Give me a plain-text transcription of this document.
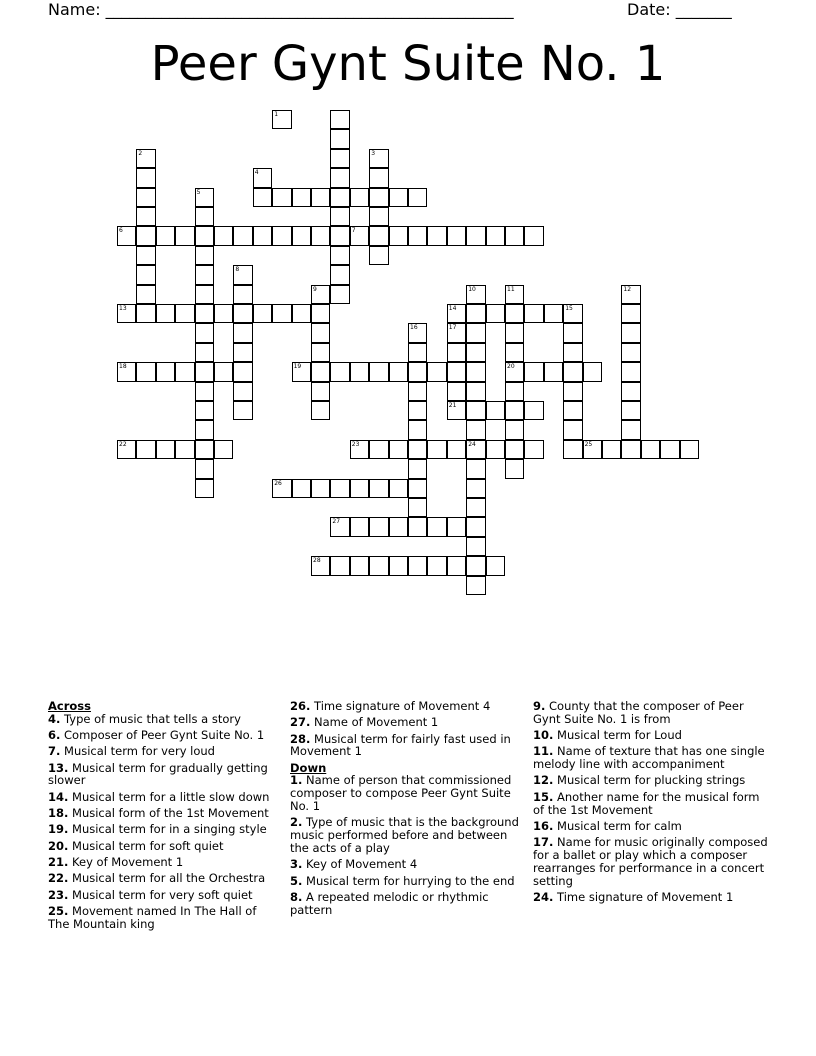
Name: ___________________________________________________	Date: _______
Peer Gynt Suite No. 1
2	3
5
6	7
8
9	10
24
11
20
12
13	14
16	17
21
15
18	19
22	23	25
26
27
28
1
4
Across
4. Type of music that tells a story
6. Composer of Peer Gynt Suite No. 1
7. Musical term for very loud
13. Musical term for gradually getting slower
14. Musical term for a little slow down
18. Musical form of the 1st Movement
19. Musical term for in a singing style
20. Musical term for soft quiet
21. Key of Movement 1
22. Musical term for all the Orchestra
23. Musical term for very soft quiet
25. Movement named In The Hall of The Mountain king
26. Time signature of Movement 4
27. Name of Movement 1
28. Musical term for fairly fast used in Movement 1
Down
1. Name of person that commissioned composer to compose Peer Gynt Suite No. 1
2. Type of music that is the background music performed before and between the acts of a play
3. Key of Movement 4
5. Musical term for hurrying to the end
8. A repeated melodic or rhythmic pattern
9. County that the composer of Peer Gynt Suite No. 1 is from
10. Musical term for Loud
11. Name of texture that has one single melody line with accompaniment
12. Musical term for plucking strings
15. Another name for the musical form of the 1st Movement
16. Musical term for calm
17. Name for music originally composed for a ballet or play which a composer rearranges for performance in a concert setting
24. Time signature of Movement 1
